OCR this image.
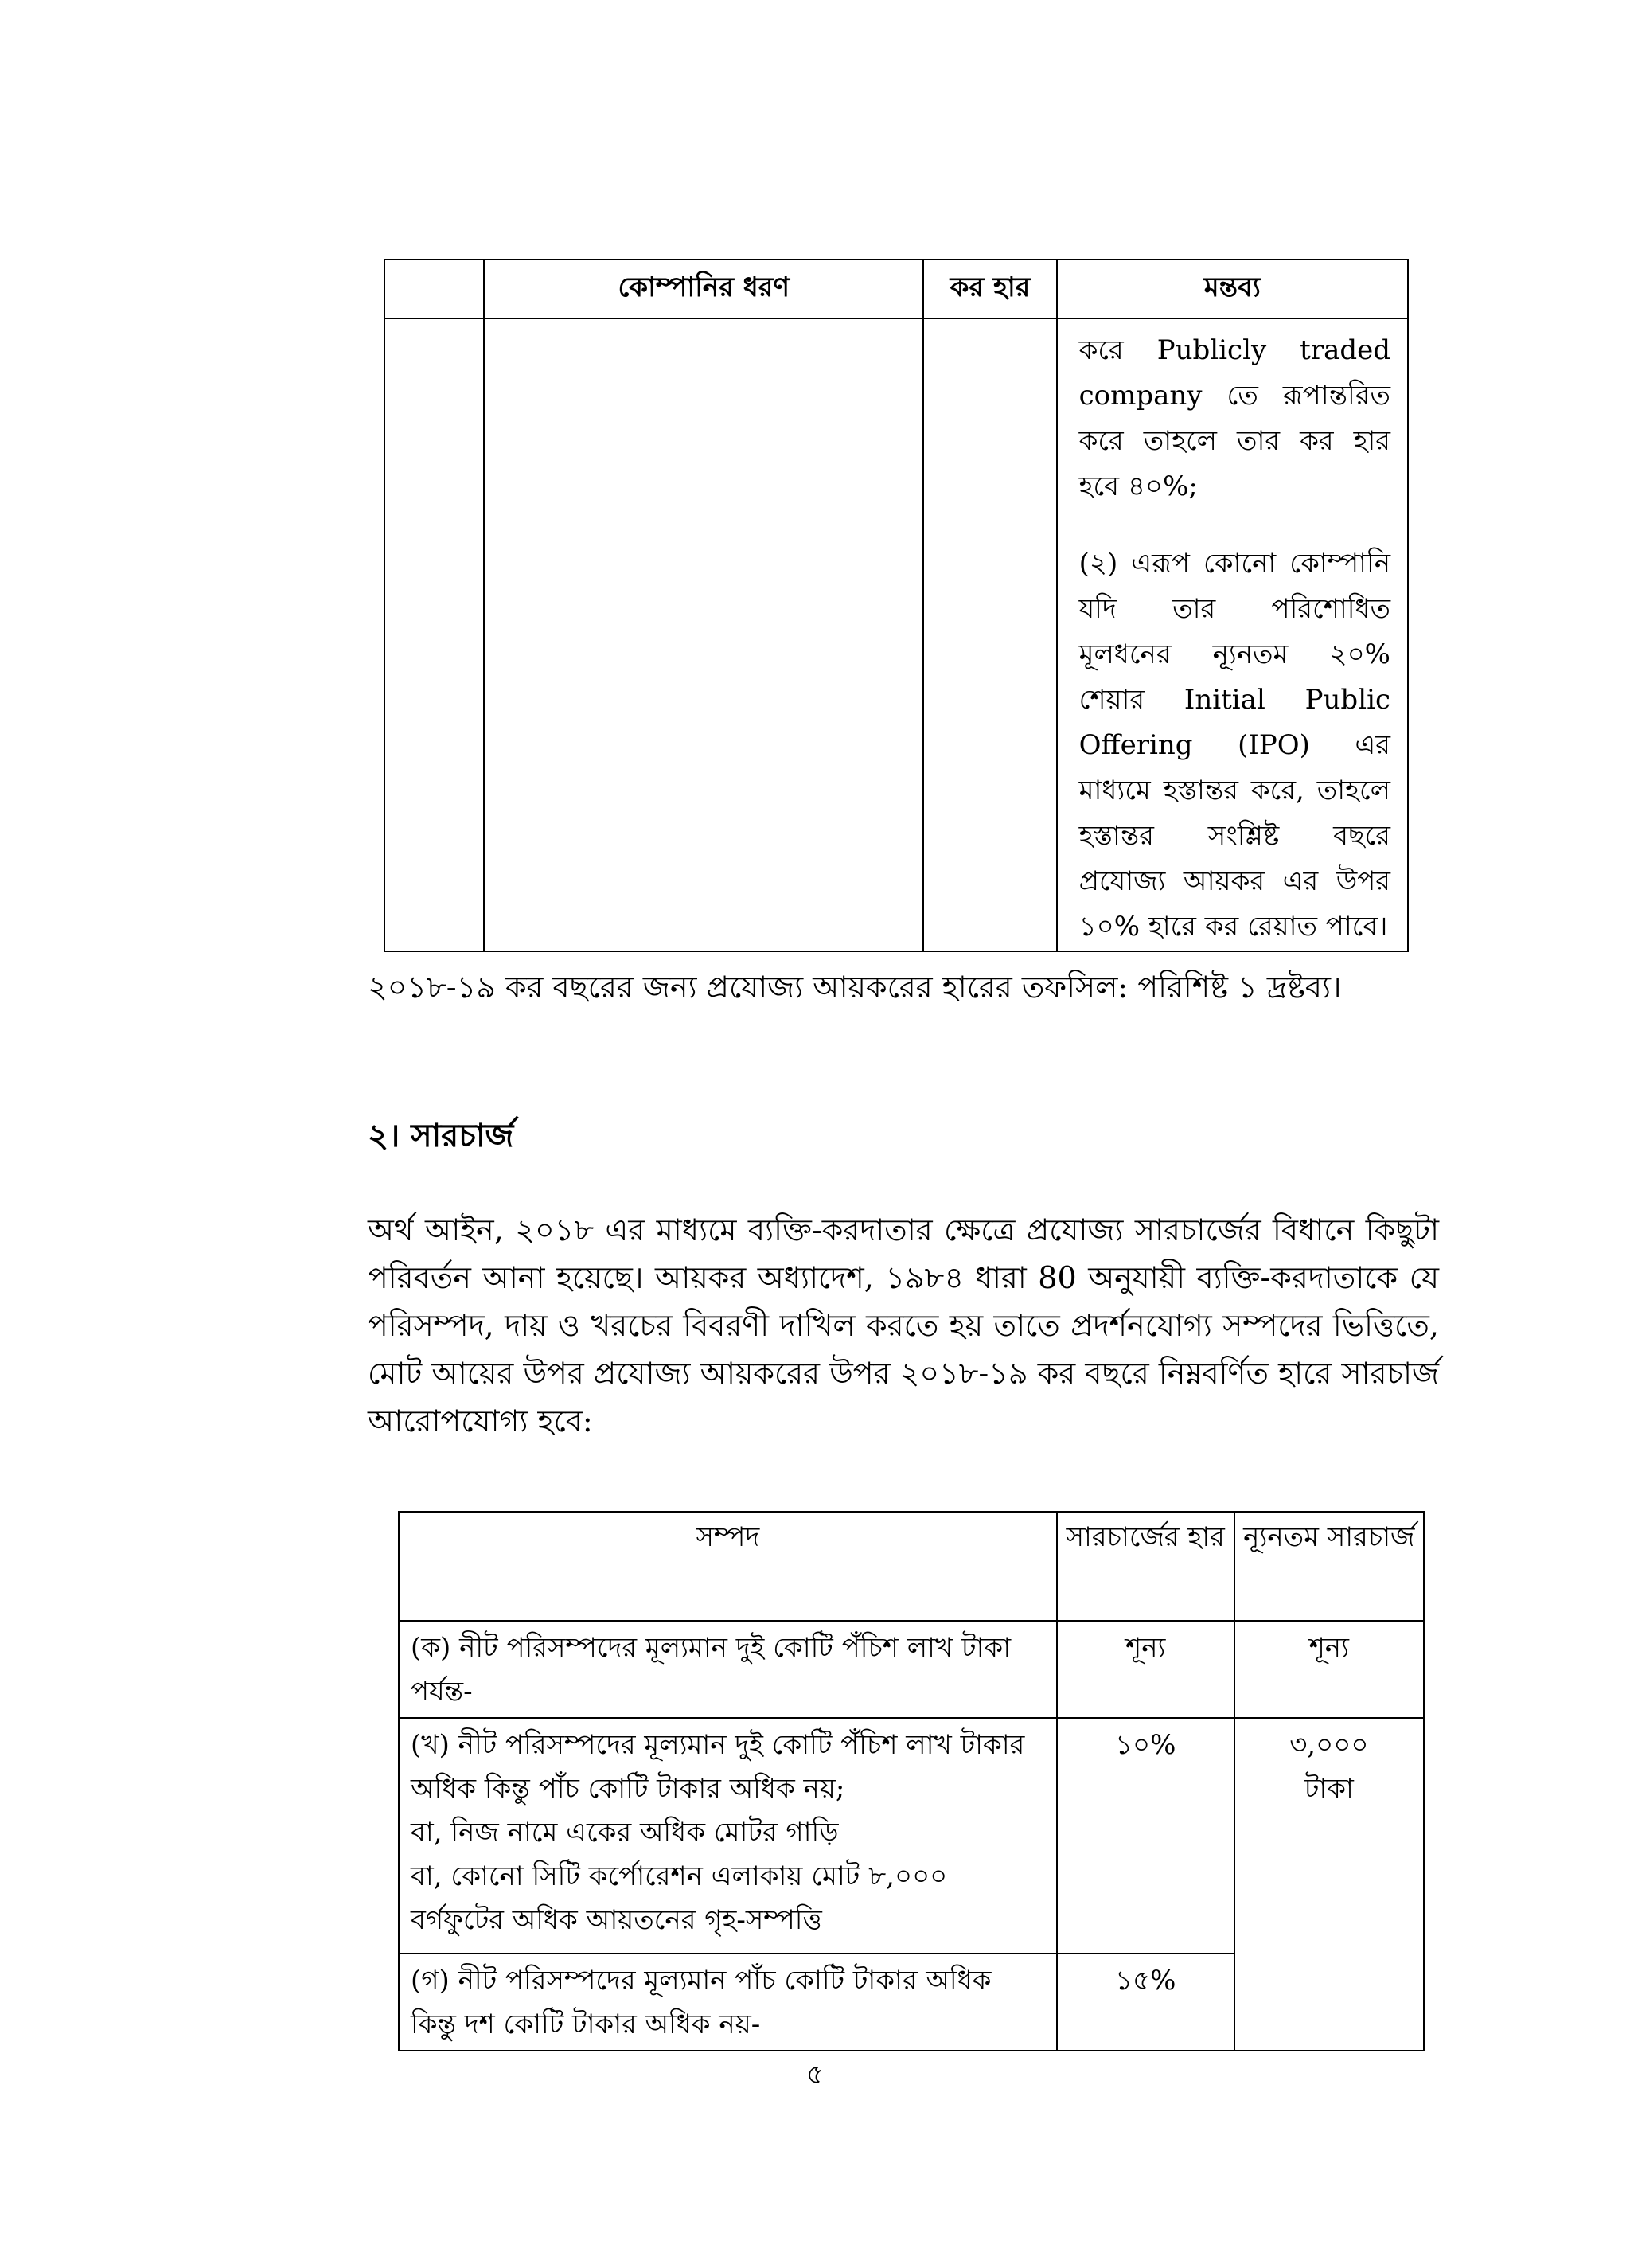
	কোম্পানির ধরণ	কর হার	মন্তব্য

			করে Publicly traded company তে রূপান্তরিত করে তাহলে তার কর হার হবে ৪০%;

(২) এরূপ কোনো কোম্পানি যদি তার পরিশোধিত মূলধনের ন্যূনতম ২০% শেয়ার Initial Public Offering (IPO) এর মাধ্যমে হস্তান্তর করে, তাহলে হস্তান্তর সংশ্লিষ্ট বছরে প্রযোজ্য আয়কর এর উপর ১০% হারে কর রেয়াত পাবে।

২০১৮-১৯ কর বছরের জন্য প্রযোজ্য আয়করের হারের তফসিল: পরিশিষ্ট ১ দ্রষ্টব্য।

২। সারচার্জ

অর্থ আইন, ২০১৮ এর মাধ্যমে ব্যক্তি-করদাতার ক্ষেত্রে প্রযোজ্য সারচার্জের বিধানে কিছুটা পরিবর্তন আনা হয়েছে। আয়কর অধ্যাদেশ, ১৯৮৪ ধারা 80 অনুযায়ী ব্যক্তি-করদাতাকে যে পরিসম্পদ, দায় ও খরচের বিবরণী দাখিল করতে হয় তাতে প্রদর্শনযোগ্য সম্পদের ভিত্তিতে, মোট আয়ের উপর প্রযোজ্য আয়করের উপর ২০১৮-১৯ কর বছরে নিম্নবর্ণিত হারে সারচার্জ আরোপযোগ্য হবে:

সম্পদ	সারচার্জের হার	ন্যূনতম সারচার্জ
(ক) নীট পরিসম্পদের মূল্যমান দুই কোটি পঁচিশ লাখ টাকা পর্যন্ত-	শূন্য	শূন্য

(খ) নীট পরিসম্পদের মূল্যমান দুই কোটি পঁচিশ লাখ টাকার অধিক কিন্তু পাঁচ কোটি টাকার অধিক নয়;
বা, নিজ নামে একের অধিক মোটর গাড়ি
বা, কোনো সিটি কর্পোরেশন এলাকায় মোট ৮,০০০ বর্গফুটের অধিক আয়তনের গৃহ-সম্পত্তি	১০%	৩,০০০ টাকা

(গ) নীট পরিসম্পদের মূল্যমান পাঁচ কোটি টাকার অধিক কিন্তু দশ কোটি টাকার অধিক নয়-	১৫%	

৫
